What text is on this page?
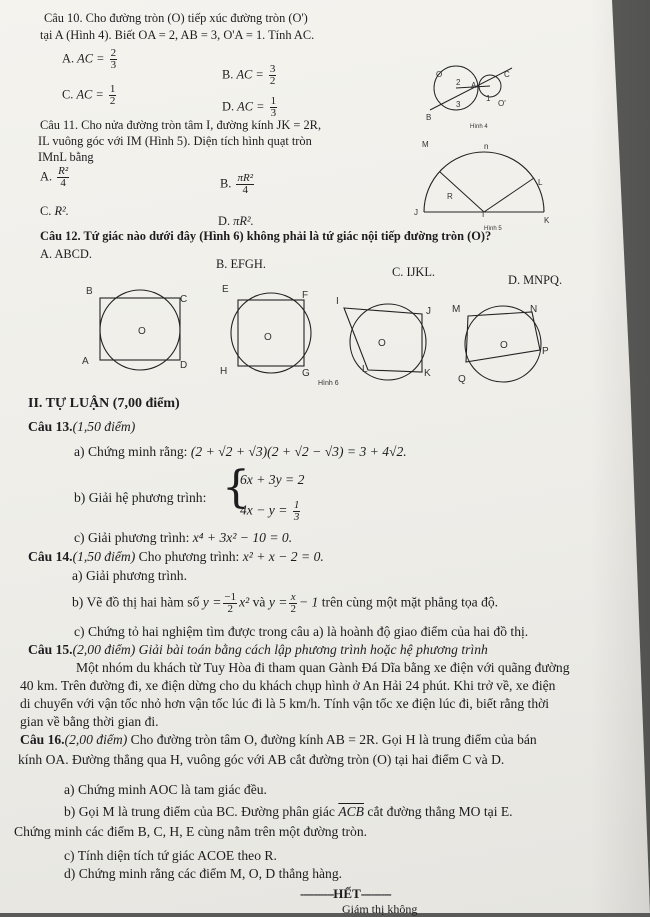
Câu 10. Cho đường tròn (O) tiếp xúc đường tròn (O')
tại A (Hình 4). Biết OA = 2, AB = 3, O'A = 1. Tính AC.
A. AC = $\frac{2}{3}$
B. AC = $\frac{3}{2}$
C. AC = $\frac{1}{2}$	D. AC = $\frac{1}{3}$
O
2 A
C
3
1
O'
B
Hình 4
Câu 11. Cho nửa đường tròn tâm I, đường kính JK = 2R,
IL vuông góc với IM (Hình 5). Diện tích hình quạt tròn
IMnL bằng
A. $\frac{\text{R²}}{4}$	B. $\frac{\text{πR²}}{4}$
C. R².
D. πR².
M	n
L
R
J	I
K
Hình 5
Câu 12. Tứ giác nào dưới đây (Hình 6) không phải là tứ giác nội tiếp đường tròn (O)?
A. ABCD.
B. EFGH.
C. IJKL.
D. MNPQ.
B
C
O
A	D
E
F
O
H	G
I
J
O
L	K
Hình 6
M	N
O
P
Q
II. TỰ LUẬN (7,00 điểm)
Câu 13.(1,50 điểm)
a) Chứng minh rằng: (2 + √2 + √3)(2 + √2 − √3) = 3 + 4√2.
b) Giải hệ phương trình: {
6x + 3y = 2
$4x - y = \frac{1}{3}$
c) Giải phương trình: x⁴ + 3x² − 10 = 0.
Câu 14.(1,50 điểm) Cho phương trình: x² + x − 2 = 0.
a) Giải phương trình.
b) Vẽ đồ thị hai hàm số $y = \frac{-1}{2} x^2$ và $y = \frac{x}{2} - 1$ trên cùng một mặt phẳng tọa độ.
c) Chứng tỏ hai nghiệm tìm được trong câu a) là hoành độ giao điểm của hai đồ thị.
Câu 15.(2,00 điểm) Giải bài toán bằng cách lập phương trình hoặc hệ phương trình
Một nhóm du khách từ Tuy Hòa đi tham quan Gành Đá Dĩa bằng xe điện với quãng đường
40 km. Trên đường đi, xe điện dừng cho du khách chụp hình ở An Hải 24 phút. Khi trở về, xe điện
di chuyển với vận tốc nhỏ hơn vận tốc lúc đi là 5 km/h. Tính vận tốc xe điện lúc đi, biết rằng thời
gian về bằng thời gian đi.
Câu 16.(2,00 điểm) Cho đường tròn tâm O, đường kính AB = 2R. Gọi H là trung điểm của bán
kính OA. Đường thẳng qua H, vuông góc với AB cắt đường tròn (O) tại hai điểm C và D.
a) Chứng minh AOC là tam giác đều.
b) Gọi M là trung điểm của BC. Đường phân giác $\overline{ACB}$ cắt đường thẳng MO tại E.
Chứng minh các điểm B, C, H, E cùng nằm trên một đường tròn.
c) Tính diện tích tứ giác ACOE theo R.
d) Chứng minh rằng các điểm M, O, D thẳng hàng.
----------HẾT---------
Giám thị không
